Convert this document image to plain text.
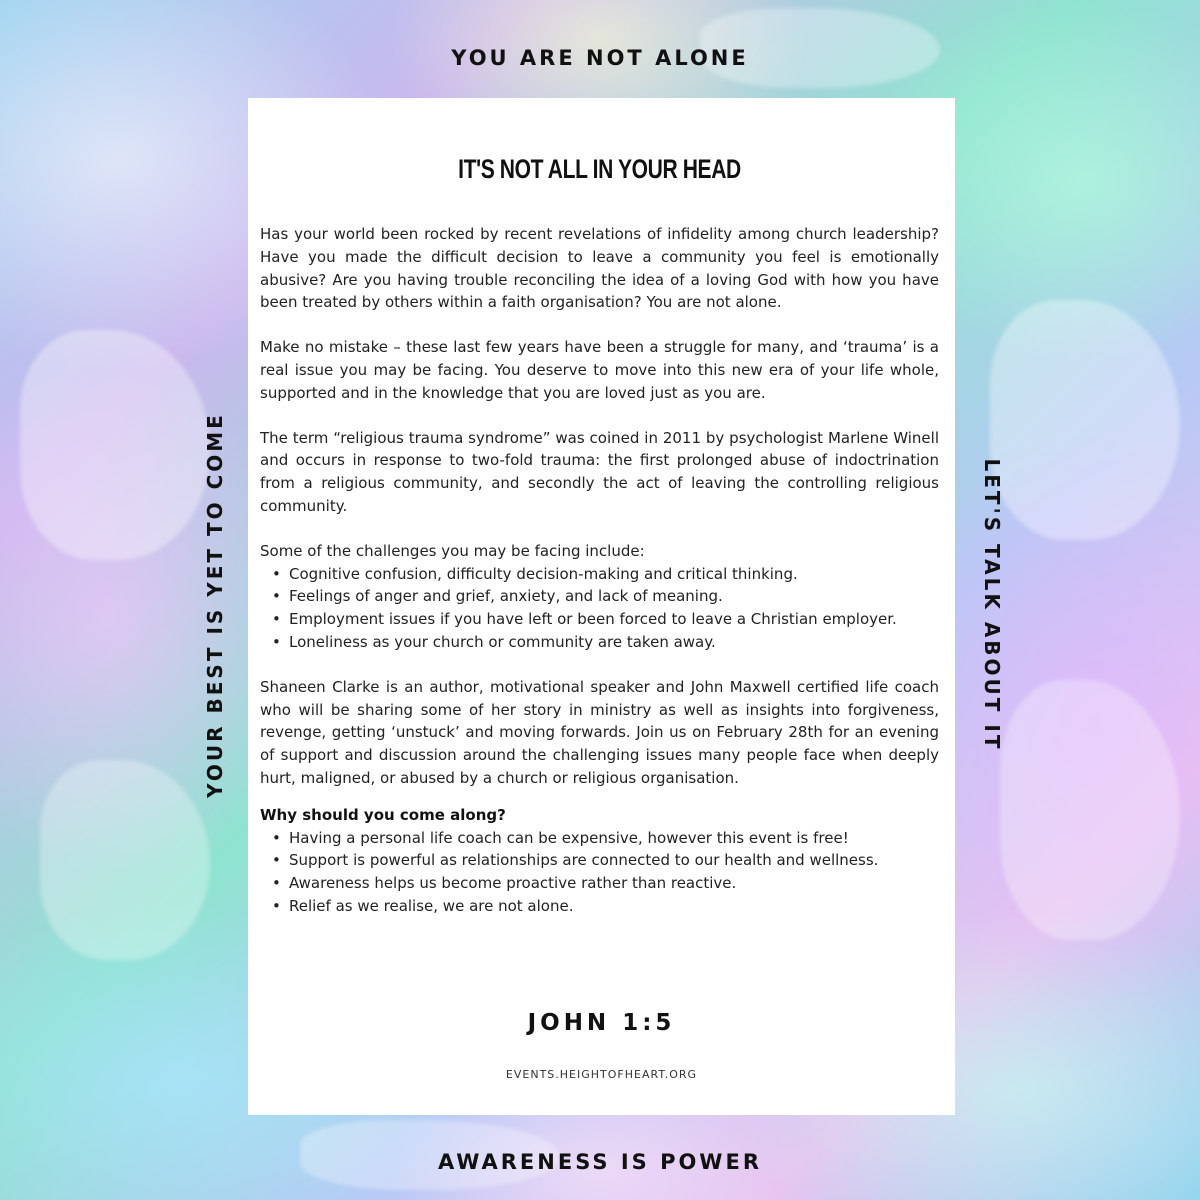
YOU ARE NOT ALONE
AWARENESS IS POWER
YOUR BEST IS YET TO COME	LET'S TALK ABOUT IT
IT'S NOT ALL IN YOUR HEAD

Has your world been rocked by recent revelations of infidelity among church leadership? Have you made the difficult decision to leave a community you feel is emotionally abusive? Are you having trouble reconciling the idea of a loving God with how you have been treated by others within a faith organisation? You are not alone.

Make no mistake – these last few years have been a struggle for many, and ‘trauma’ is a real issue you may be facing. You deserve to move into this new era of your life whole, supported and in the knowledge that you are loved just as you are.

The term “religious trauma syndrome” was coined in 2011 by psychologist Marlene Winell and occurs in response to two-fold trauma: the first prolonged abuse of indoctrination from a religious community, and secondly the act of leaving the controlling religious community.

Some of the challenges you may be facing include:

• Cognitive confusion, difficulty decision-making and critical thinking.
• Feelings of anger and grief, anxiety, and lack of meaning.
• Employment issues if you have left or been forced to leave a Christian employer.
• Loneliness as your church or community are taken away.

Shaneen Clarke is an author, motivational speaker and John Maxwell certified life coach who will be sharing some of her story in ministry as well as insights into forgiveness, revenge, getting ‘unstuck’ and moving forwards. Join us on February 28th for an evening of support and discussion around the challenging issues many people face when deeply hurt, maligned, or abused by a church or religious organisation.

Why should you come along?

• Having a personal life coach can be expensive, however this event is free!
• Support is powerful as relationships are connected to our health and wellness.
• Awareness helps us become proactive rather than reactive.
• Relief as we realise, we are not alone.
JOHN 1:5
EVENTS.HEIGHTOFHEART.ORG
